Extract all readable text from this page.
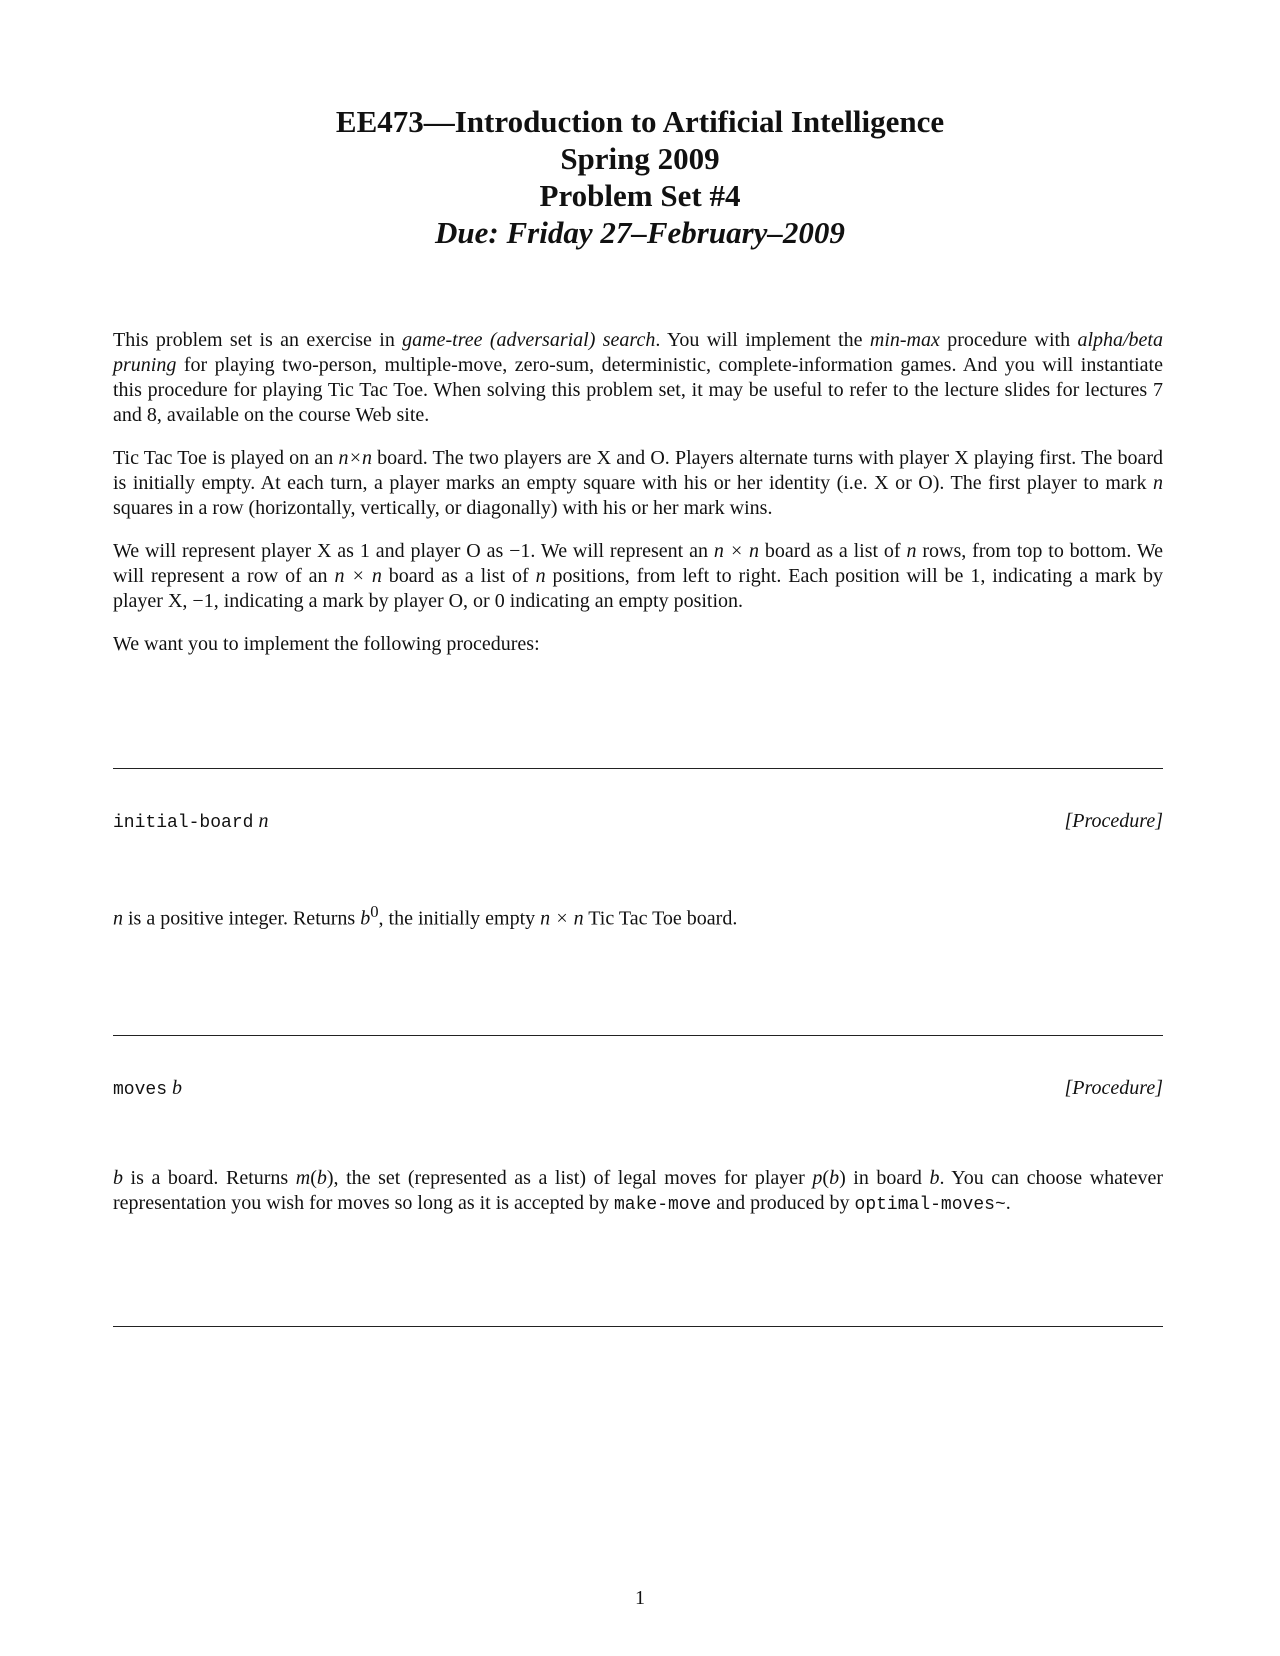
EE473—Introduction to Artificial Intelligence
Spring 2009
Problem Set #4
Due: Friday 27–February–2009

This problem set is an exercise in game-tree (adversarial) search. You will implement the min-max procedure with alpha/beta pruning for playing two-person, multiple-move, zero-sum, deterministic, complete-information games. And you will instantiate this procedure for playing Tic Tac Toe. When solving this problem set, it may be useful to refer to the lecture slides for lectures 7 and 8, available on the course Web site.

Tic Tac Toe is played on an n×n board. The two players are X and O. Players alternate turns with player X playing first. The board is initially empty. At each turn, a player marks an empty square with his or her identity (i.e. X or O). The first player to mark n squares in a row (horizontally, vertically, or diagonally) with his or her mark wins.

We will represent player X as 1 and player O as −1. We will represent an n × n board as a list of n rows, from top to bottom. We will represent a row of an n × n board as a list of n positions, from left to right. Each position will be 1, indicating a mark by player X, −1, indicating a mark by player O, or 0 indicating an empty position.

We want you to implement the following procedures:

initial-board n	[Procedure]
n is a positive integer. Returns $b^0$, the initially empty n × n Tic Tac Toe board.
moves b	[Procedure]
b is a board. Returns m(b), the set (represented as a list) of legal moves for player p(b) in board b. You can choose whatever representation you wish for moves so long as it is accepted by make-move and produced by optimal-moves~.
1
